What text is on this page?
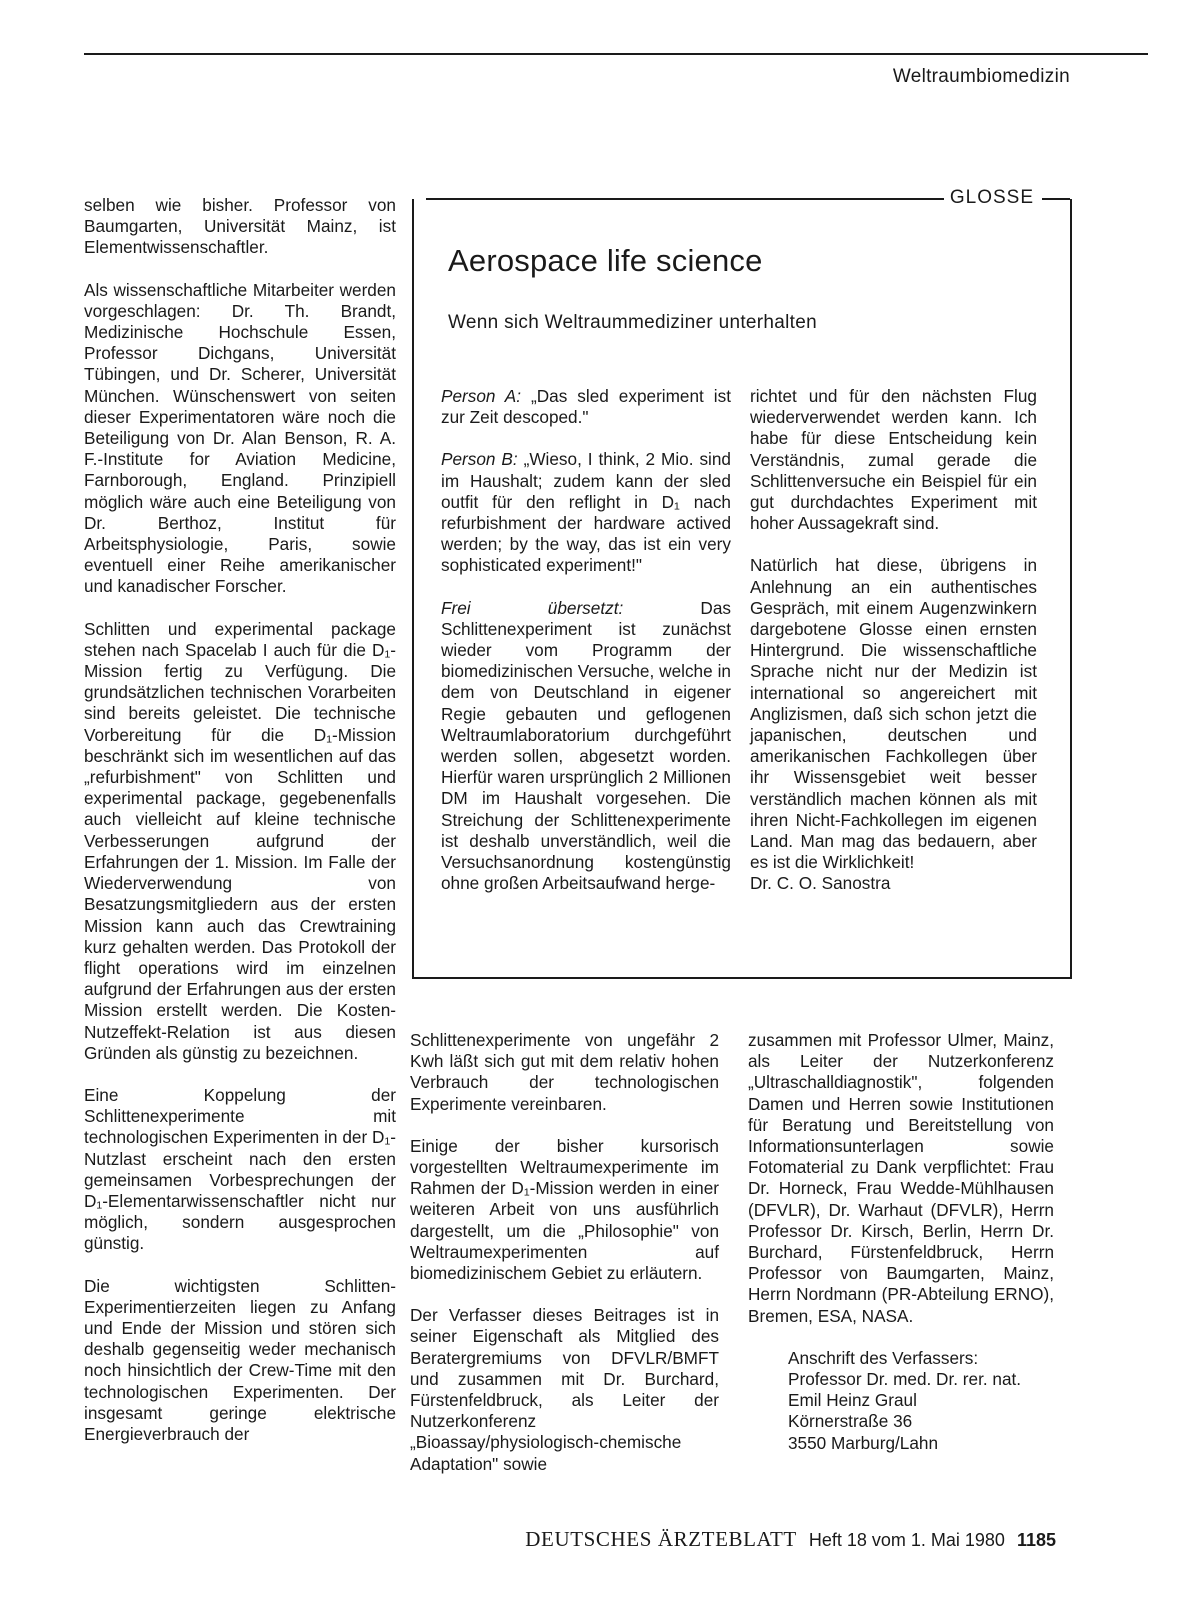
Weltraumbiomedizin

selben wie bisher. Professor von Baumgarten, Universität Mainz, ist Elementwissenschaftler.

Als wissenschaftliche Mitarbeiter werden vorgeschlagen: Dr. Th. Brandt, Medizinische Hochschule Essen, Professor Dichgans, Universität Tübingen, und Dr. Scherer, Universität München. Wünschenswert von seiten dieser Experimentatoren wäre noch die Beteiligung von Dr. Alan Benson, R. A. F.-Institute for Aviation Medicine, Farnborough, England. Prinzipiell möglich wäre auch eine Beteiligung von Dr. Berthoz, Institut für Arbeitsphysiologie, Paris, sowie eventuell einer Reihe amerikanischer und kanadischer Forscher.

Schlitten und experimental package stehen nach Spacelab I auch für die D₁-Mission fertig zu Verfügung. Die grundsätzlichen technischen Vorarbeiten sind bereits geleistet. Die technische Vorbereitung für die D₁-Mission beschränkt sich im wesentlichen auf das „refurbishment" von Schlitten und experimental package, gegebenenfalls auch vielleicht auf kleine technische Verbesserungen aufgrund der Erfahrungen der 1. Mission. Im Falle der Wiederverwendung von Besatzungsmitgliedern aus der ersten Mission kann auch das Crewtraining kurz gehalten werden. Das Protokoll der flight operations wird im einzelnen aufgrund der Erfahrungen aus der ersten Mission erstellt werden. Die Kosten-Nutzeffekt-Relation ist aus diesen Gründen als günstig zu bezeichnen.

Eine Koppelung der Schlittenexperimente mit technologischen Experimenten in der D₁-Nutzlast erscheint nach den ersten gemeinsamen Vorbesprechungen der D₁-Elementarwissenschaftler nicht nur möglich, sondern ausgesprochen günstig.

Die wichtigsten Schlitten-Experimentierzeiten liegen zu Anfang und Ende der Mission und stören sich deshalb gegenseitig weder mechanisch noch hinsichtlich der Crew-Time mit den technologischen Experimenten. Der insgesamt geringe elektrische Energieverbrauch der

GLOSSE
Aerospace life science
Wenn sich Weltraummediziner unterhalten

Person A: „Das sled experiment ist zur Zeit descoped."

Person B: „Wieso, I think, 2 Mio. sind im Haushalt; zudem kann der sled outfit für den reflight in D₁ nach refurbishment der hardware actived werden; by the way, das ist ein very sophisticated experiment!"

Frei übersetzt: Das Schlittenexperiment ist zunächst wieder vom Programm der biomedizinischen Versuche, welche in dem von Deutschland in eigener Regie gebauten und geflogenen Weltraumlaboratorium durchgeführt werden sollen, abgesetzt worden. Hierfür waren ursprünglich 2 Millionen DM im Haushalt vorgesehen. Die Streichung der Schlittenexperimente ist deshalb unverständlich, weil die Versuchsanordnung kostengünstig ohne großen Arbeitsaufwand herge-

richtet und für den nächsten Flug wiederverwendet werden kann. Ich habe für diese Entscheidung kein Verständnis, zumal gerade die Schlittenversuche ein Beispiel für ein gut durchdachtes Experiment mit hoher Aussagekraft sind.

Natürlich hat diese, übrigens in Anlehnung an ein authentisches Gespräch, mit einem Augenzwinkern dargebotene Glosse einen ernsten Hintergrund. Die wissenschaftliche Sprache nicht nur der Medizin ist international so angereichert mit Anglizismen, daß sich schon jetzt die japanischen, deutschen und amerikanischen Fachkollegen über ihr Wissensgebiet weit besser verständlich machen können als mit ihren Nicht-Fachkollegen im eigenen Land. Man mag das bedauern, aber es ist die Wirklichkeit!

Dr. C. O. Sanostra

Schlittenexperimente von ungefähr 2 Kwh läßt sich gut mit dem relativ hohen Verbrauch der technologischen Experimente vereinbaren.

Einige der bisher kursorisch vorgestellten Weltraumexperimente im Rahmen der D₁-Mission werden in einer weiteren Arbeit von uns ausführlich dargestellt, um die „Philosophie" von Weltraumexperimenten auf biomedizinischem Gebiet zu erläutern.

Der Verfasser dieses Beitrages ist in seiner Eigenschaft als Mitglied des Beratergremiums von DFVLR/BMFT und zusammen mit Dr. Burchard, Fürstenfeldbruck, als Leiter der Nutzerkonferenz „Bioassay/physiologisch-chemische Adaptation" sowie

zusammen mit Professor Ulmer, Mainz, als Leiter der Nutzerkonferenz „Ultraschalldiagnostik", folgenden Damen und Herren sowie Institutionen für Beratung und Bereitstellung von Informationsunterlagen sowie Fotomaterial zu Dank verpflichtet: Frau Dr. Horneck, Frau Wedde-Mühlhausen (DFVLR), Dr. Warhaut (DFVLR), Herrn Professor Dr. Kirsch, Berlin, Herrn Dr. Burchard, Fürstenfeldbruck, Herrn Professor von Baumgarten, Mainz, Herrn Nordmann (PR-Abteilung ERNO), Bremen, ESA, NASA.

Anschrift des Verfassers:
Professor Dr. med. Dr. rer. nat.
Emil Heinz Graul
Körnerstraße 36
3550 Marburg/Lahn
DEUTSCHES ÄRZTEBLATT Heft 18 vom 1. Mai 1980 1185
